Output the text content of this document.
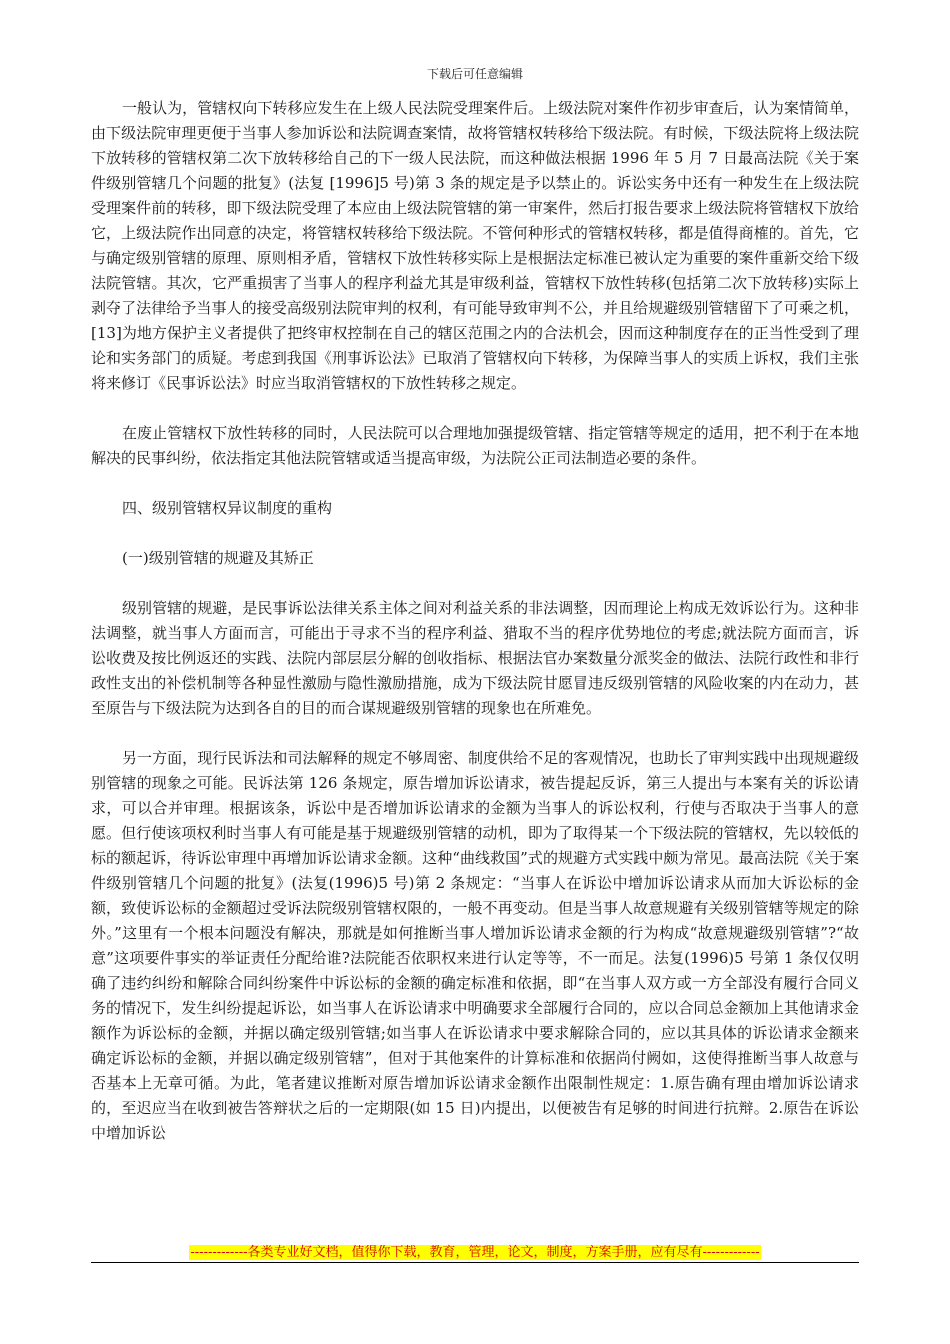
下载后可任意编辑

一般认为，管辖权向下转移应发生在上级人民法院受理案件后。上级法院对案件作初步审查后，认为案情简单，由下级法院审理更便于当事人参加诉讼和法院调查案情，故将管辖权转移给下级法院。有时候，下级法院将上级法院下放转移的管辖权第二次下放转移给自己的下一级人民法院，而这种做法根据 1996 年 5 月 7 日最高法院《关于案件级别管辖几个问题的批复》(法复 [1996]5 号)第 3 条的规定是予以禁止的。诉讼实务中还有一种发生在上级法院受理案件前的转移，即下级法院受理了本应由上级法院管辖的第一审案件，然后打报告要求上级法院将管辖权下放给它，上级法院作出同意的决定，将管辖权转移给下级法院。不管何种形式的管辖权转移，都是值得商榷的。首先，它与确定级别管辖的原理、原则相矛盾，管辖权下放性转移实际上是根据法定标准已被认定为重要的案件重新交给下级法院管辖。其次，它严重损害了当事人的程序利益尤其是审级利益，管辖权下放性转移(包括第二次下放转移)实际上剥夺了法律给予当事人的接受高级别法院审判的权利，有可能导致审判不公，并且给规避级别管辖留下了可乘之机， [13]为地方保护主义者提供了把终审权控制在自己的辖区范围之内的合法机会，因而这种制度存在的正当性受到了理论和实务部门的质疑。考虑到我国《刑事诉讼法》已取消了管辖权向下转移，为保障当事人的实质上诉权，我们主张将来修订《民事诉讼法》时应当取消管辖权的下放性转移之规定。

在废止管辖权下放性转移的同时，人民法院可以合理地加强提级管辖、指定管辖等规定的适用，把不利于在本地解决的民事纠纷，依法指定其他法院管辖或适当提高审级，为法院公正司法制造必要的条件。

四、级别管辖权异议制度的重构

(一)级别管辖的规避及其矫正

级别管辖的规避，是民事诉讼法律关系主体之间对利益关系的非法调整，因而理论上构成无效诉讼行为。这种非法调整，就当事人方面而言，可能出于寻求不当的程序利益、猎取不当的程序优势地位的考虑;就法院方面而言，诉讼收费及按比例返还的实践、法院内部层层分解的创收指标、根据法官办案数量分派奖金的做法、法院行政性和非行政性支出的补偿机制等各种显性激励与隐性激励措施，成为下级法院甘愿冒违反级别管辖的风险收案的内在动力，甚至原告与下级法院为达到各自的目的而合谋规避级别管辖的现象也在所难免。

另一方面，现行民诉法和司法解释的规定不够周密、制度供给不足的客观情况，也助长了审判实践中出现规避级别管辖的现象之可能。民诉法第 126 条规定，原告增加诉讼请求，被告提起反诉，第三人提出与本案有关的诉讼请求，可以合并审理。根据该条，诉讼中是否增加诉讼请求的金额为当事人的诉讼权利，行使与否取决于当事人的意愿。但行使该项权利时当事人有可能是基于规避级别管辖的动机，即为了取得某一个下级法院的管辖权，先以较低的标的额起诉，待诉讼审理中再增加诉讼请求金额。这种“曲线救国”式的规避方式实践中颇为常见。最高法院《关于案件级别管辖几个问题的批复》(法复(1996)5 号)第 2 条规定：“当事人在诉讼中增加诉讼请求从而加大诉讼标的金额，致使诉讼标的金额超过受诉法院级别管辖权限的，一般不再变动。但是当事人故意规避有关级别管辖等规定的除外。”这里有一个根本问题没有解决，那就是如何推断当事人增加诉讼请求金额的行为构成“故意规避级别管辖”?“故意”这项要件事实的举证责任分配给谁?法院能否依职权来进行认定等等，不一而足。法复(1996)5 号第 1 条仅仅明确了违约纠纷和解除合同纠纷案件中诉讼标的金额的确定标准和依据，即“在当事人双方或一方全部没有履行合同义务的情况下，发生纠纷提起诉讼，如当事人在诉讼请求中明确要求全部履行合同的，应以合同总金额加上其他请求金额作为诉讼标的金额，并据以确定级别管辖;如当事人在诉讼请求中要求解除合同的，应以其具体的诉讼请求金额来确定诉讼标的金额，并据以确定级别管辖”，但对于其他案件的计算标准和依据尚付阙如，这使得推断当事人故意与否基本上无章可循。为此，笔者建议推断对原告增加诉讼请求金额作出限制性规定：1.原告确有理由增加诉讼请求的，至迟应当在收到被告答辩状之后的一定期限(如 15 日)内提出，以便被告有足够的时间进行抗辩。2.原告在诉讼中增加诉讼

-------------各类专业好文档，值得你下载，教育，管理，论文，制度，方案手册，应有尽有-------------
